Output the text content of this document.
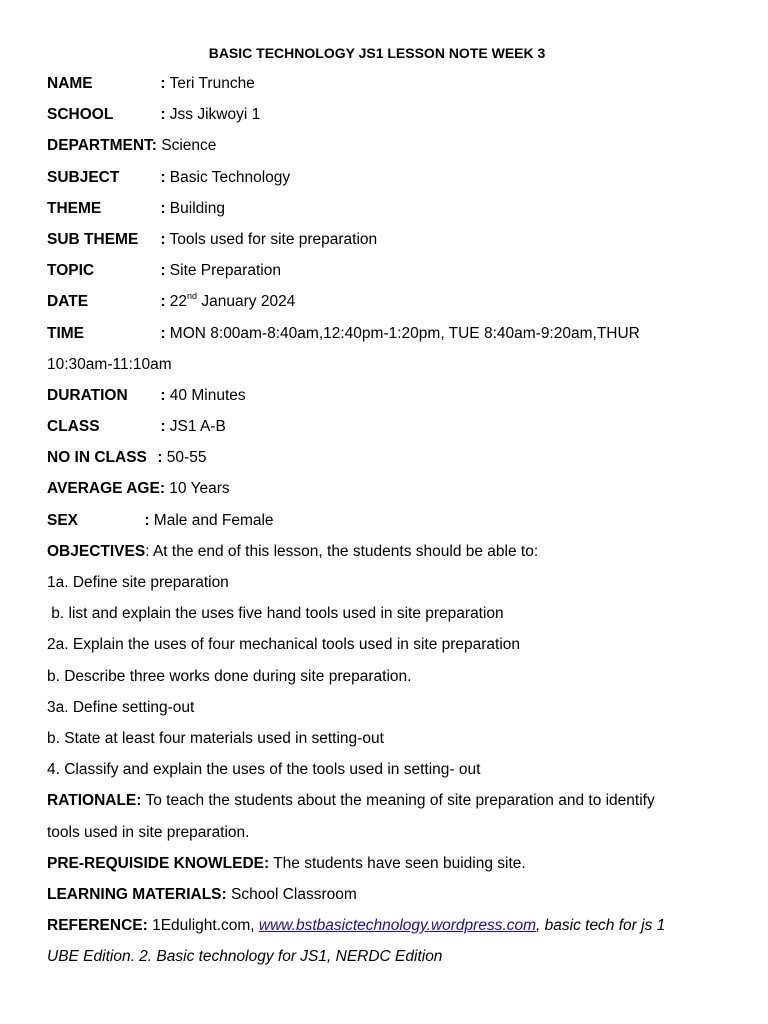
BASIC TECHNOLOGY JS1 LESSON NOTE WEEK 3
NAME	: Teri Trunche
SCHOOL	: Jss Jikwoyi 1
DEPARTMENT: Science
SUBJECT	: Basic Technology
THEME	: Building
SUB THEME : Tools used for site preparation
TOPIC	: Site Preparation
DATE	: 22nd January 2024
TIME	: MON 8:00am-8:40am,12:40pm-1:20pm, TUE 8:40am-9:20am,THUR
10:30am-11:10am
DURATION : 40 Minutes
CLASS	: JS1 A-B
NO IN CLASS : 50-55
AVERAGE AGE: 10 Years
SEX	: Male and Female
OBJECTIVES: At the end of this lesson, the students should be able to:
1a. Define site preparation
b. list and explain the uses five hand tools used in site preparation
2a. Explain the uses of four mechanical tools used in site preparation
b. Describe three works done during site preparation.
3a. Define setting-out
b. State at least four materials used in setting-out
4. Classify and explain the uses of the tools used in setting- out
RATIONALE: To teach the students about the meaning of site preparation and to identify
tools used in site preparation.
PRE-REQUISIDE KNOWLEDE: The students have seen buiding site.
LEARNING MATERIALS: School Classroom
REFERENCE: 1Edulight.com, www.bstbasictechnology.wordpress.com, basic tech for js 1
UBE Edition. 2. Basic technology for JS1, NERDC Edition
